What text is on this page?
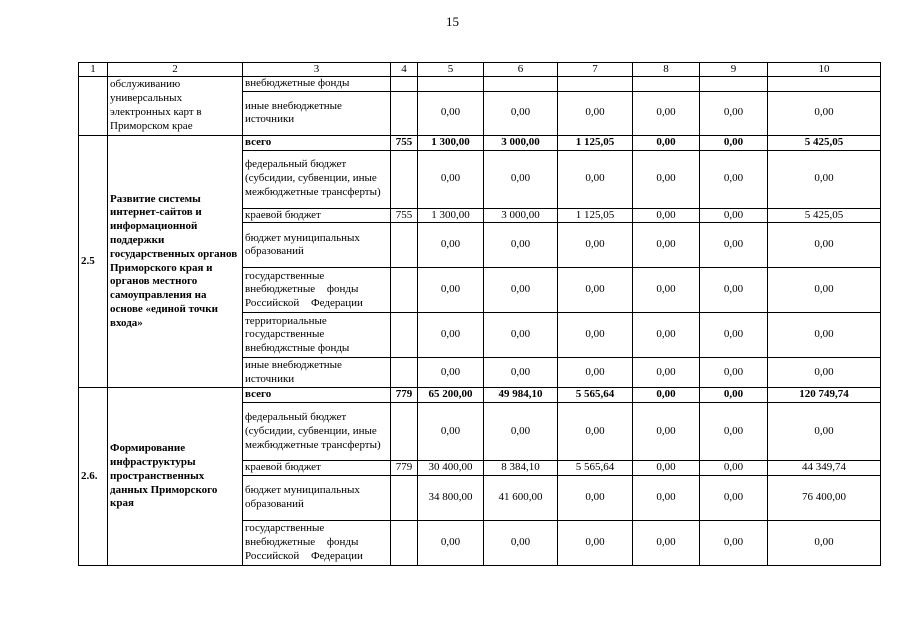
15
1	2	3	4	5	6	7	8	9	10
	обслуживанию универсальных электронных карт в Приморском крае	внебюджетные фонды							
		иные внебюджетные источники		0,00	0,00	0,00	0,00	0,00	0,00
2.5	Развитие системы интернет-сайтов и информационной поддержки государственных органов Приморского края и органов местного самоуправления на основе «единой точки входа»	всего	755	1 300,00	3 000,00	1 125,05	0,00	0,00	5 425,05
		федеральный бюджет (субсидии, субвенции, иные межбюджетные трансферты)		0,00	0,00	0,00	0,00	0,00	0,00
		краевой бюджет	755	1 300,00	3 000,00	1 125,05	0,00	0,00	5 425,05
		бюджет муниципальных образований		0,00	0,00	0,00	0,00	0,00	0,00
		государственные внебюджетные фонды Российской Федерации		0,00	0,00	0,00	0,00	0,00	0,00
		территориальные государственные внебюджстные фонды		0,00	0,00	0,00	0,00	0,00	0,00
		иные внебюджетные источники		0,00	0,00	0,00	0,00	0,00	0,00
2.6.	Формирование инфраструктуры пространственных данных Приморского края	всего	779	65 200,00	49 984,10	5 565,64	0,00	0,00	120 749,74
		федеральный бюджет (субсидии, субвенции, иные межбюджетные трансферты)		0,00	0,00	0,00	0,00	0,00	0,00
		краевой бюджет	779	30 400,00	8 384,10	5 565,64	0,00	0,00	44 349,74
		бюджет муниципальных образований		34 800,00	41 600,00	0,00	0,00	0,00	76 400,00
		государственные внебюджетные фонды Российской Федерации		0,00	0,00	0,00	0,00	0,00	0,00
